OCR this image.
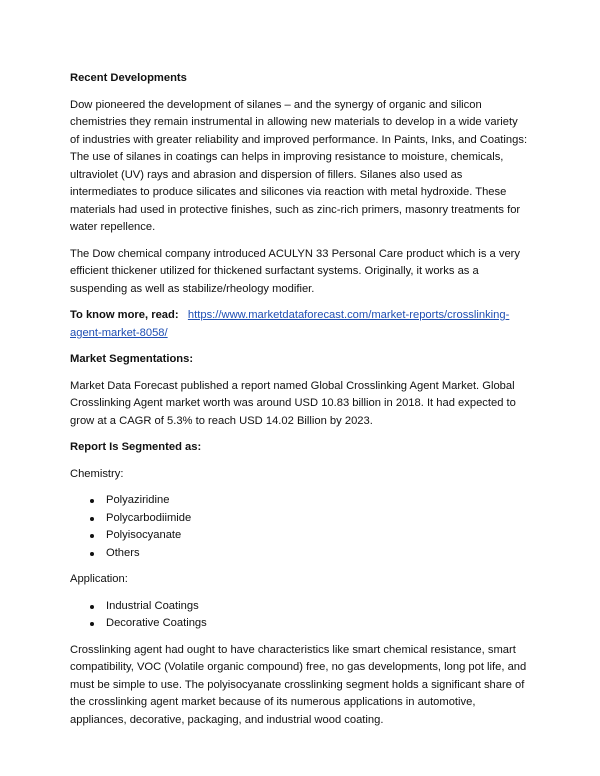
Recent Developments

Dow pioneered the development of silanes – and the synergy of organic and silicon chemistries they remain instrumental in allowing new materials to develop in a wide variety of industries with greater reliability and improved performance. In Paints, Inks, and Coatings: The use of silanes in coatings can helps in improving resistance to moisture, chemicals, ultraviolet (UV) rays and abrasion and dispersion of fillers. Silanes also used as intermediates to produce silicates and silicones via reaction with metal hydroxide. These materials had used in protective finishes, such as zinc-rich primers, masonry treatments for water repellence.

The Dow chemical company introduced ACULYN 33 Personal Care product which is a very efficient thickener utilized for thickened surfactant systems. Originally, it works as a suspending as well as stabilize/rheology modifier.

To know more, read: https://www.marketdataforecast.com/market-reports/crosslinking-agent-market-8058/

Market Segmentations:

Market Data Forecast published a report named Global Crosslinking Agent Market. Global Crosslinking Agent market worth was around USD 10.83 billion in 2018. It had expected to grow at a CAGR of 5.3% to reach USD 14.02 Billion by 2023.

Report Is Segmented as:

Chemistry:

Polyaziridine
Polycarbodiimide
Polyisocyanate
Others

Application:

Industrial Coatings
Decorative Coatings

Crosslinking agent had ought to have characteristics like smart chemical resistance, smart compatibility, VOC (Volatile organic compound) free, no gas developments, long pot life, and must be simple to use. The polyisocyanate crosslinking segment holds a significant share of the crosslinking agent market because of its numerous applications in automotive, appliances, decorative, packaging, and industrial wood coating.
